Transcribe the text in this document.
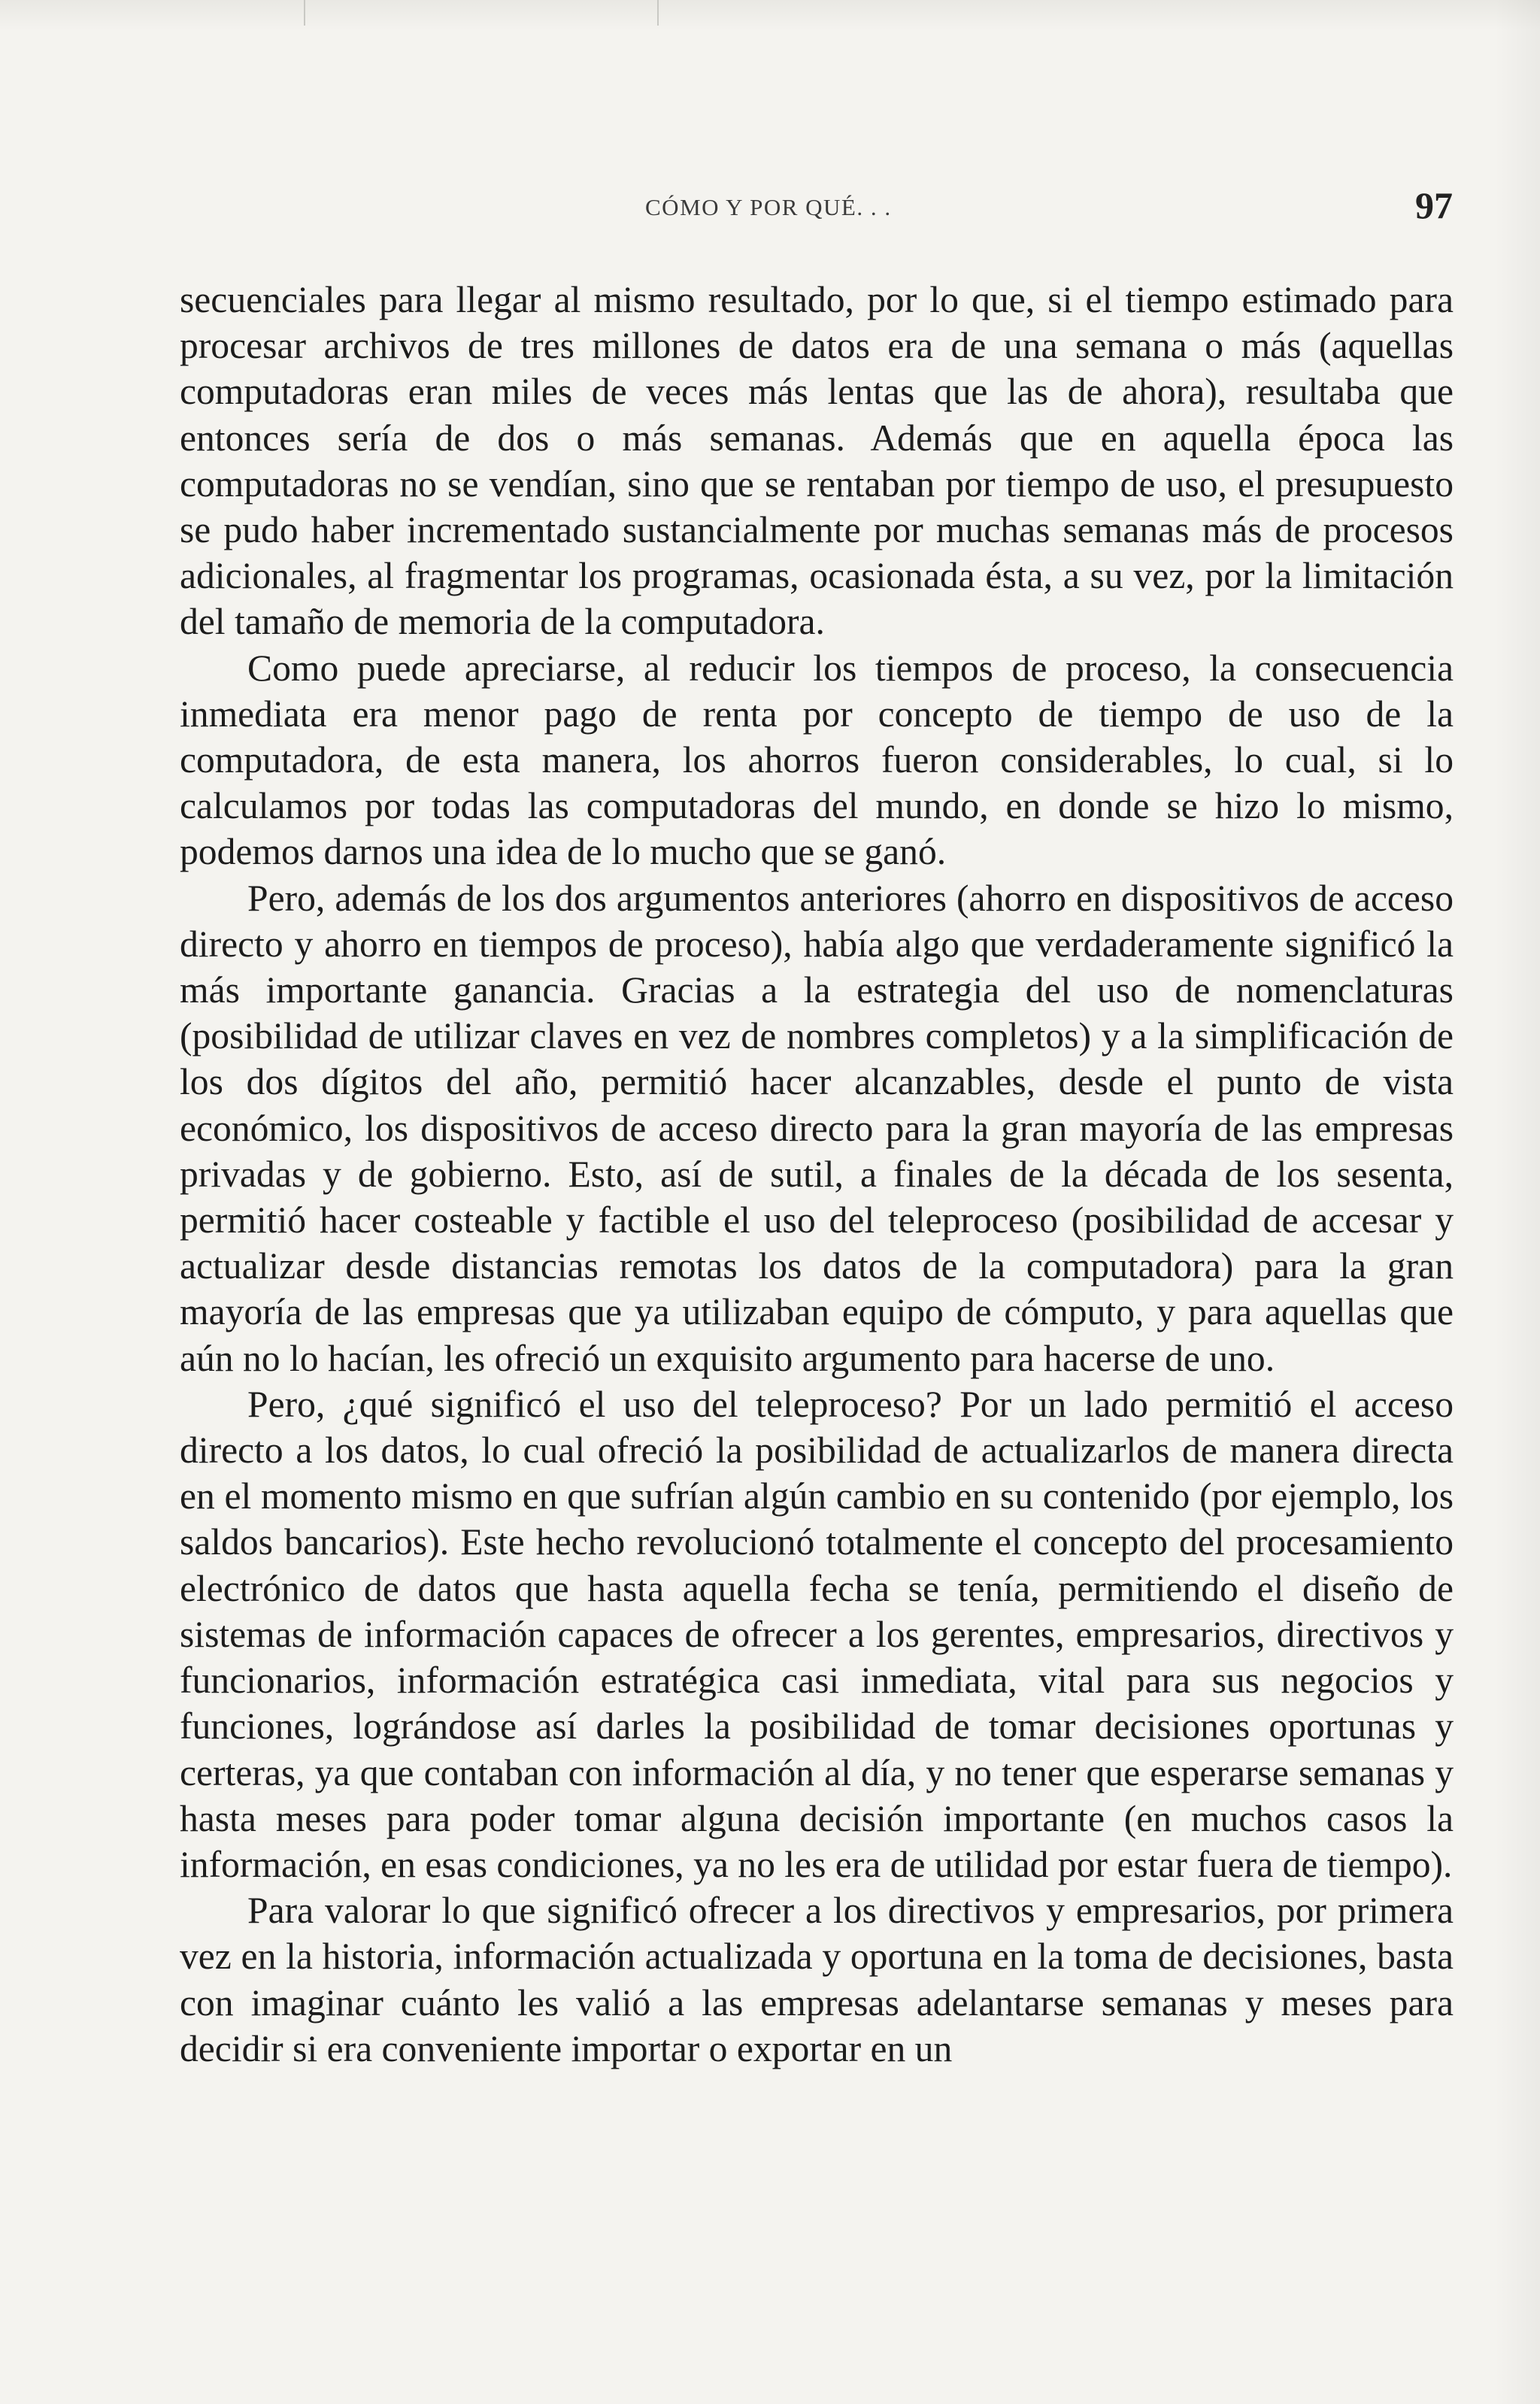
CÓMO Y POR QUÉ. . .	97

secuenciales para llegar al mismo resultado, por lo que, si el tiempo estimado para procesar archivos de tres millones de datos era de una semana o más (aquellas computadoras eran miles de veces más lentas que las de ahora), resultaba que entonces sería de dos o más semanas. Además que en aquella época las computadoras no se vendían, sino que se rentaban por tiempo de uso, el presupuesto se pudo haber incrementado sustancialmente por muchas semanas más de procesos adicionales, al fragmentar los programas, ocasionada ésta, a su vez, por la limitación del tamaño de memoria de la computadora.

Como puede apreciarse, al reducir los tiempos de proceso, la consecuencia inmediata era menor pago de renta por concepto de tiempo de uso de la computadora, de esta manera, los ahorros fueron considerables, lo cual, si lo calculamos por todas las computadoras del mundo, en donde se hizo lo mismo, podemos darnos una idea de lo mucho que se ganó.

Pero, además de los dos argumentos anteriores (ahorro en dispositivos de acceso directo y ahorro en tiempos de proceso), había algo que verdaderamente significó la más importante ganancia. Gracias a la estrategia del uso de nomenclaturas (posibilidad de utilizar claves en vez de nombres completos) y a la simplificación de los dos dígitos del año, permitió hacer alcanzables, desde el punto de vista económico, los dispositivos de acceso directo para la gran mayoría de las empresas privadas y de gobierno. Esto, así de sutil, a finales de la década de los sesenta, permitió hacer costeable y factible el uso del teleproceso (posibilidad de accesar y actualizar desde distancias remotas los datos de la computadora) para la gran mayoría de las empresas que ya utilizaban equipo de cómputo, y para aquellas que aún no lo hacían, les ofreció un exquisito argumento para hacerse de uno.

Pero, ¿qué significó el uso del teleproceso? Por un lado permitió el acceso directo a los datos, lo cual ofreció la posibilidad de actualizarlos de manera directa en el momento mismo en que sufrían algún cambio en su contenido (por ejemplo, los saldos bancarios). Este hecho revolucionó totalmente el concepto del procesamiento electrónico de datos que hasta aquella fecha se tenía, permitiendo el diseño de sistemas de información capaces de ofrecer a los gerentes, empresarios, directivos y funcionarios, información estratégica casi inmediata, vital para sus negocios y funciones, lográndose así darles la posibilidad de tomar decisiones oportunas y certeras, ya que contaban con información al día, y no tener que esperarse semanas y hasta meses para poder tomar alguna decisión importante (en muchos casos la información, en esas condiciones, ya no les era de utilidad por estar fuera de tiempo).

Para valorar lo que significó ofrecer a los directivos y empresarios, por primera vez en la historia, información actualizada y oportuna en la toma de decisiones, basta con imaginar cuánto les valió a las empresas adelantarse semanas y meses para decidir si era conveniente importar o exportar en un
